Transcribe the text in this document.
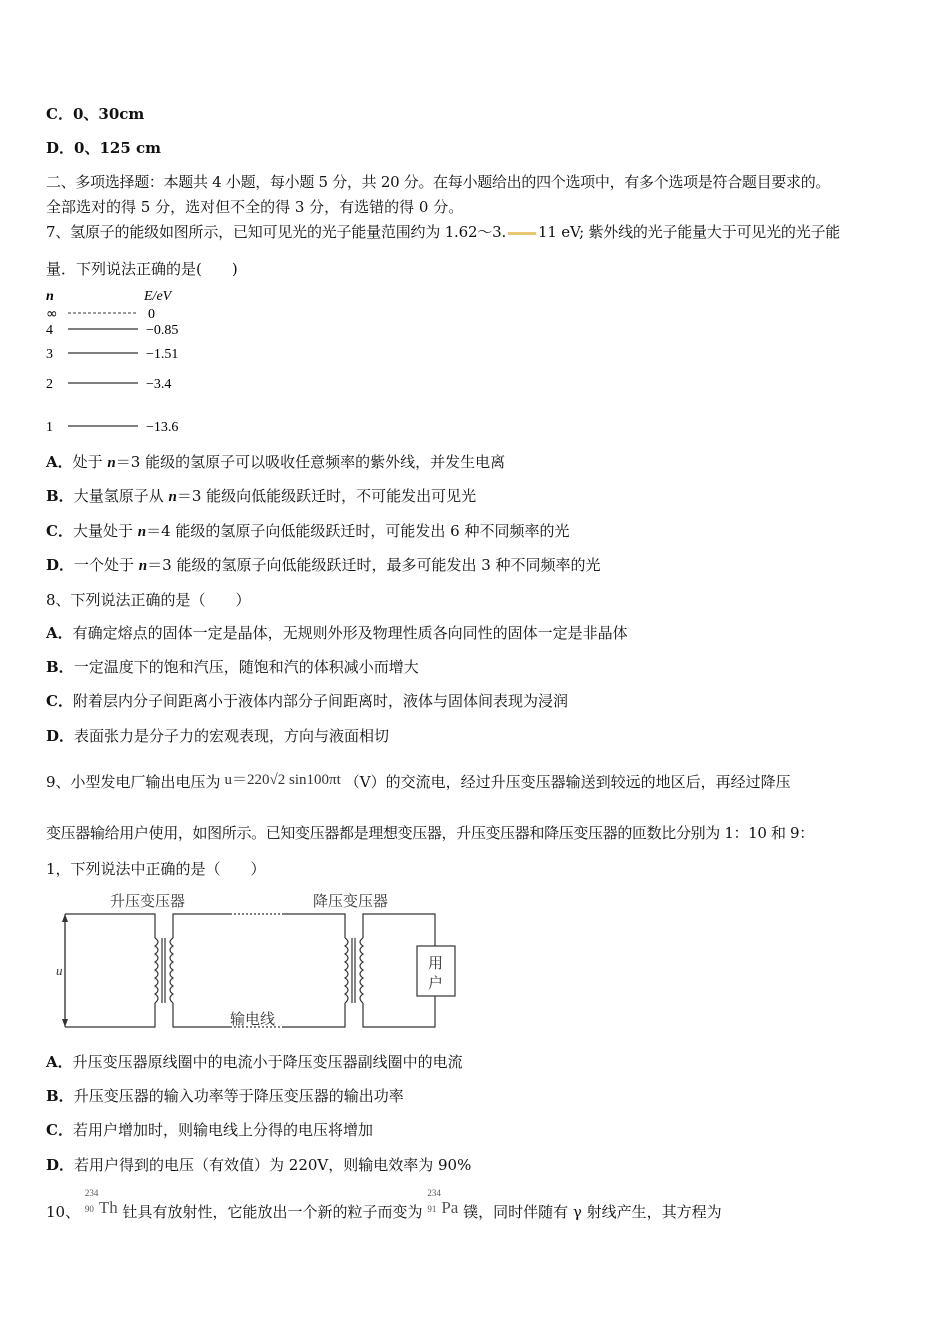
C．0、30cm
D．0、125 cm
二、多项选择题：本题共 4 小题，每小题 5 分，共 20 分。在每小题给出的四个选项中，有多个选项是符合题目要求的。
全部选对的得 5 分，选对但不全的得 3 分，有选错的得 0 分。
7、氢原子的能级如图所示，已知可见光的光子能量范围约为 1.62～3. 11 eV; 紫外线的光子能量大于可见光的光子能
量．下列说法正确的是(　　)
n	E/eV
∞	0
4	−0.85
3	−1.51
2	−3.4
1	−13.6
A．处于 n＝3 能级的氢原子可以吸收任意频率的紫外线，并发生电离
B．大量氢原子从 n＝3 能级向低能级跃迁时，不可能发出可见光
C．大量处于 n＝4 能级的氢原子向低能级跃迁时，可能发出 6 种不同频率的光
D．一个处于 n＝3 能级的氢原子向低能级跃迁时，最多可能发出 3 种不同频率的光
8、下列说法正确的是（　　）
A．有确定熔点的固体一定是晶体，无规则外形及物理性质各向同性的固体一定是非晶体
B．一定温度下的饱和汽压，随饱和汽的体积减小而增大
C．附着层内分子间距离小于液体内部分子间距离时，液体与固体间表现为浸润
D．表面张力是分子力的宏观表现，方向与液面相切
9、小型发电厂输出电压为 u＝220√2 sin100πt （V）的交流电，经过升压变压器输送到较远的地区后，再经过降压
变压器输给用户使用，如图所示。已知变压器都是理想变压器，升压变压器和降压变压器的匝数比分别为 1：10 和 9：
1，下列说法中正确的是（　　）
升压变压器	降压变压器
输电线
用
户
u
A．升压变压器原线圈中的电流小于降压变压器副线圈中的电流
B．升压变压器的输入功率等于降压变压器的输出功率
C．若用户增加时，则输电线上分得的电压将增加
D．若用户得到的电压（有效值）为 220V，则输电效率为 90%
10、
234
90 Th 钍具有放射性，它能放出一个新的粒子而变为
234
91 Pa 镤，同时伴随有 γ 射线产生，其方程为
